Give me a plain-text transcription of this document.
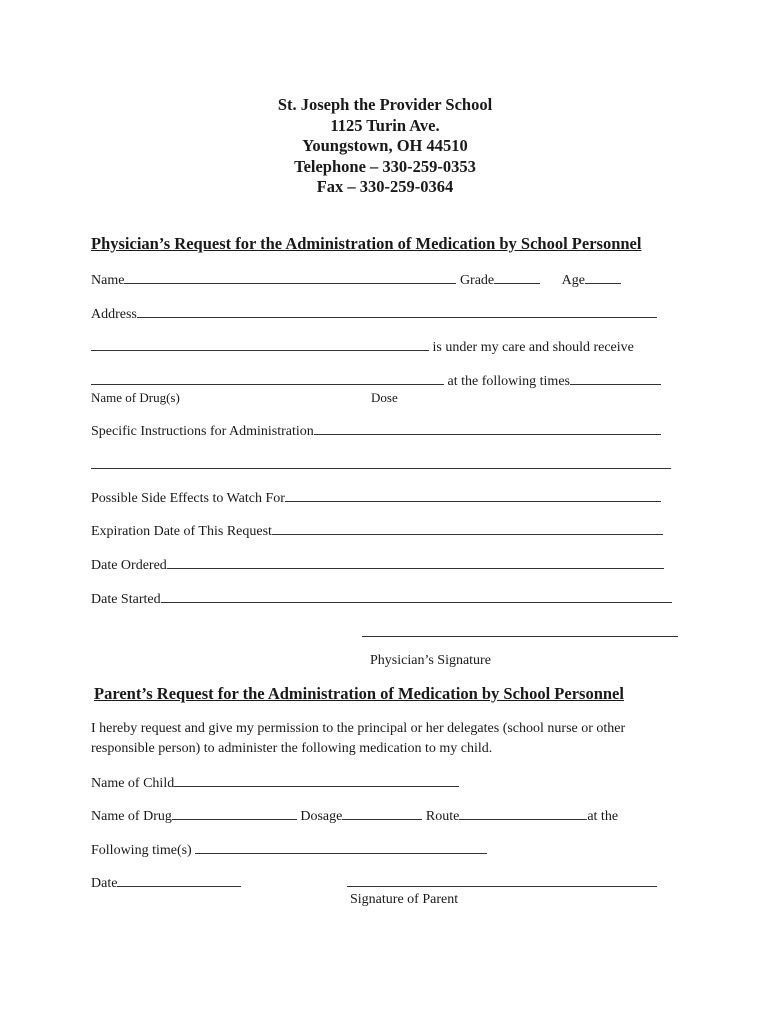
St. Joseph the Provider School
1125 Turin Ave.
Youngstown, OH 44510
Telephone – 330-259-0353
Fax – 330-259-0364
Physician’s Request for the Administration of Medication by School Personnel
Name	Grade	Age
Address
is under my care and should receive
at the following times
Name of Drug(s)	Dose
Specific Instructions for Administration
Possible Side Effects to Watch For
Expiration Date of This Request
Date Ordered
Date Started
Physician’s Signature
Parent’s Request for the Administration of Medication by School Personnel
I hereby request and give my permission to the principal or her delegates (school nurse or other responsible person) to administer the following medication to my child.
Name of Child
Name of Drug	Dosage	Route	at the
Following time(s)
Date
Signature of Parent
